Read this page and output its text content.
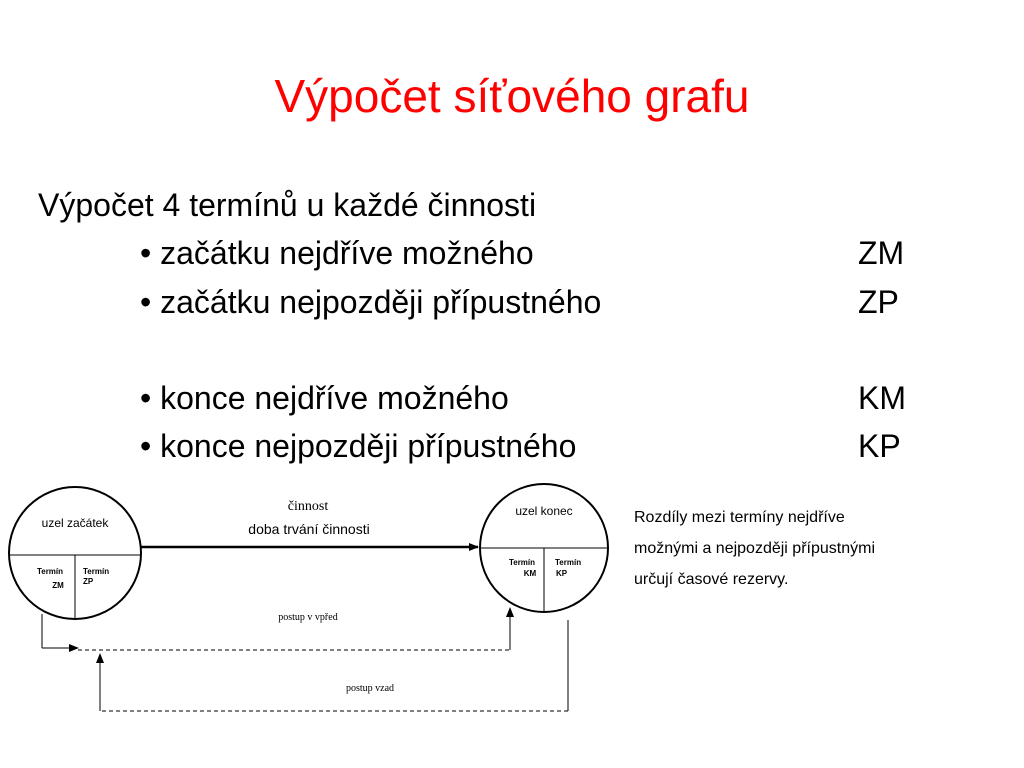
Výpočet síťového grafu
Výpočet 4 termínů u každé činnosti
• začátku nejdříve možného	ZM
• začátku nejpozději přípustného	ZP
• konce nejdříve možného	KM
• konce nejpozději přípustného	KP
uzel začátek
Termín
ZM
Termín
ZP
uzel konec
Termín
KM
Termín
KP
činnost
doba trvání činnosti
postup v vpřed
postup vzad
Rozdíly mezi termíny nejdříve
možnými a nejpozději přípustnými
určují časové rezervy.
